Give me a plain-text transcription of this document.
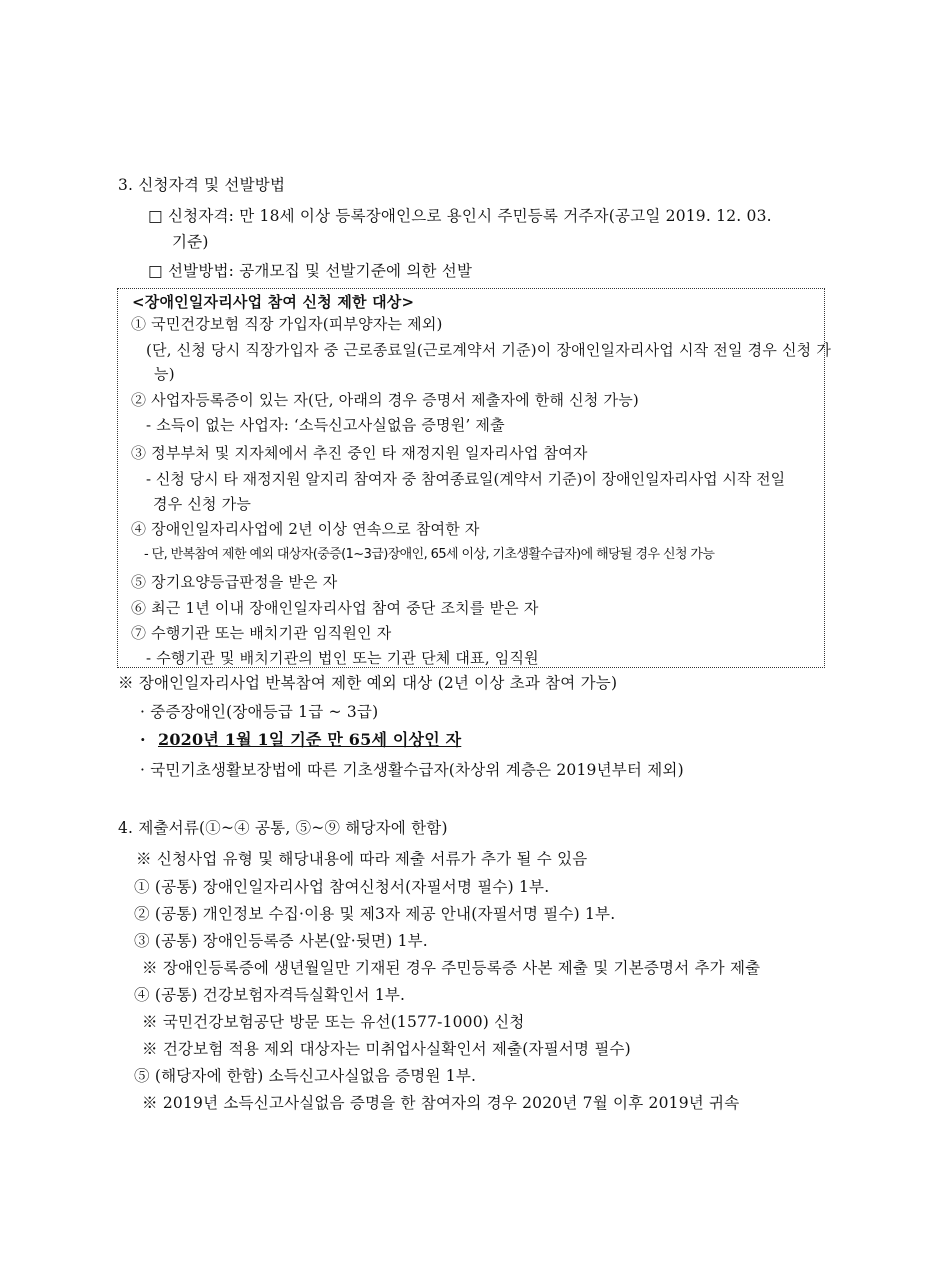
3. 신청자격 및 선발방법
□ 신청자격: 만 18세 이상 등록장애인으로 용인시 주민등록 거주자(공고일 2019. 12. 03.
기준)
□ 선발방법: 공개모집 및 선발기준에 의한 선발
<장애인일자리사업 참여 신청 제한 대상>
① 국민건강보험 직장 가입자(피부양자는 제외)
(단, 신청 당시 직장가입자 중 근로종료일(근로계약서 기준)이 장애인일자리사업 시작 전일 경우 신청 가
능)
② 사업자등록증이 있는 자(단, 아래의 경우 증명서 제출자에 한해 신청 가능)
- 소득이 없는 사업자: ‘소득신고사실없음 증명원’ 제출
③ 정부부처 및 지자체에서 추진 중인 타 재정지원 일자리사업 참여자
- 신청 당시 타 재정지원 알지리 참여자 중 참여종료일(계약서 기준)이 장애인일자리사업 시작 전일
경우 신청 가능
④ 장애인일자리사업에 2년 이상 연속으로 참여한 자
- 단, 반복참여 제한 예외 대상자(중증(1~3급)장애인, 65세 이상, 기초생활수급자)에 해당될 경우 신청 가능
⑤ 장기요양등급판정을 받은 자
⑥ 최근 1년 이내 장애인일자리사업 참여 중단 조치를 받은 자
⑦ 수행기관 또는 배치기관 임직원인 자
- 수행기관 및 배치기관의 법인 또는 기관 단체 대표, 임직원
※ 장애인일자리사업 반복참여 제한 예외 대상 (2년 이상 초과 참여 가능)
· 중증장애인(장애등급 1급 ~ 3급)
· 2020년 1월 1일 기준 만 65세 이상인 자
· 국민기초생활보장법에 따른 기초생활수급자(차상위 계층은 2019년부터 제외)
4. 제출서류(①~④ 공통, ⑤~⑨ 해당자에 한함)
※ 신청사업 유형 및 해당내용에 따라 제출 서류가 추가 될 수 있음
① (공통) 장애인일자리사업 참여신청서(자필서명 필수) 1부.
② (공통) 개인정보 수집·이용 및 제3자 제공 안내(자필서명 필수) 1부.
③ (공통) 장애인등록증 사본(앞·뒷면) 1부.
※ 장애인등록증에 생년월일만 기재된 경우 주민등록증 사본 제출 및 기본증명서 추가 제출
④ (공통) 건강보험자격득실확인서 1부.
※ 국민건강보험공단 방문 또는 유선(1577-1000) 신청
※ 건강보험 적용 제외 대상자는 미취업사실확인서 제출(자필서명 필수)
⑤ (해당자에 한함) 소득신고사실없음 증명원 1부.
※ 2019년 소득신고사실없음 증명을 한 참여자의 경우 2020년 7월 이후 2019년 귀속
